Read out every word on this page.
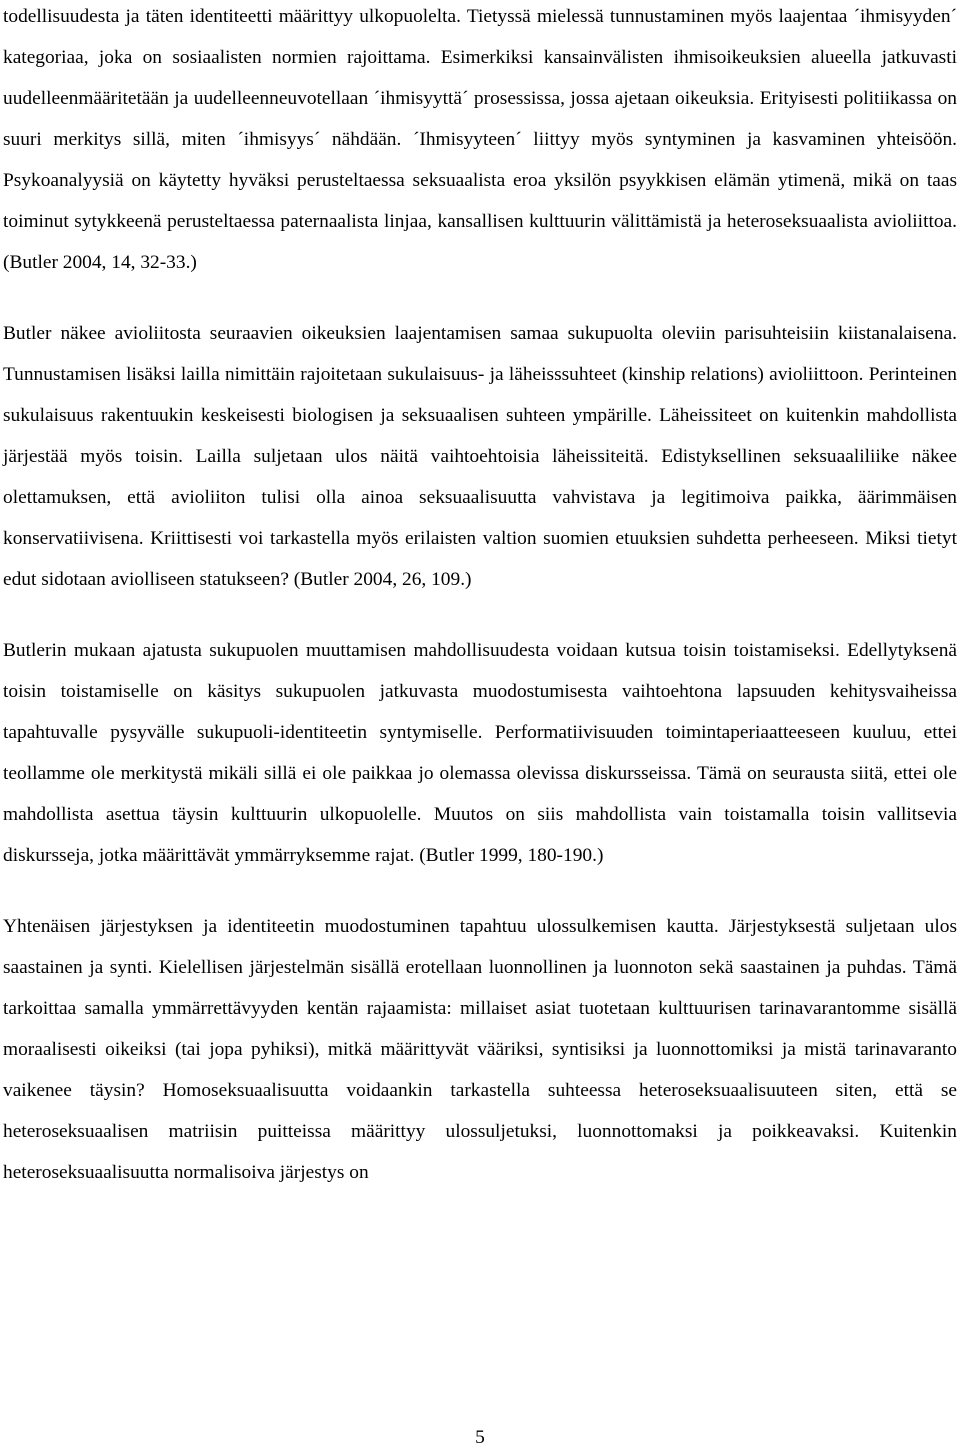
todellisuudesta ja täten identiteetti määrittyy ulkopuolelta. Tietyssä mielessä tunnustaminen myös laajentaa ´ihmisyyden´ kategoriaa, joka on sosiaalisten normien rajoittama. Esimerkiksi kansainvälisten ihmisoikeuksien alueella jatkuvasti uudelleenmääritetään ja uudelleenneuvotellaan ´ihmisyyttä´ prosessissa, jossa ajetaan oikeuksia. Erityisesti politiikassa on suuri merkitys sillä, miten ´ihmisyys´ nähdään. ´Ihmisyyteen´ liittyy myös syntyminen ja kasvaminen yhteisöön. Psykoanalyysiä on käytetty hyväksi perusteltaessa seksuaalista eroa yksilön psyykkisen elämän ytimenä, mikä on taas toiminut sytykkeenä perusteltaessa paternaalista linjaa, kansallisen kulttuurin välittämistä ja heteroseksuaalista avioliittoa. (Butler 2004, 14, 32-33.)

Butler näkee avioliitosta seuraavien oikeuksien laajentamisen samaa sukupuolta oleviin parisuhteisiin kiistanalaisena. Tunnustamisen lisäksi lailla nimittäin rajoitetaan sukulaisuus- ja läheisssuhteet (kinship relations) avioliittoon. Perinteinen sukulaisuus rakentuukin keskeisesti biologisen ja seksuaalisen suhteen ympärille. Läheissiteet on kuitenkin mahdollista järjestää myös toisin. Lailla suljetaan ulos näitä vaihtoehtoisia läheissiteitä. Edistyksellinen seksuaaliliike näkee olettamuksen, että avioliiton tulisi olla ainoa seksuaalisuutta vahvistava ja legitimoiva paikka, äärimmäisen konservatiivisena. Kriittisesti voi tarkastella myös erilaisten valtion suomien etuuksien suhdetta perheeseen. Miksi tietyt edut sidotaan aviolliseen statukseen? (Butler 2004, 26, 109.)

Butlerin mukaan ajatusta sukupuolen muuttamisen mahdollisuudesta voidaan kutsua toisin toistamiseksi. Edellytyksenä toisin toistamiselle on käsitys sukupuolen jatkuvasta muodostumisesta vaihtoehtona lapsuuden kehitysvaiheissa tapahtuvalle pysyvälle sukupuoli-identiteetin syntymiselle. Performatiivisuuden toimintaperiaatteeseen kuuluu, ettei teollamme ole merkitystä mikäli sillä ei ole paikkaa jo olemassa olevissa diskursseissa. Tämä on seurausta siitä, ettei ole mahdollista asettua täysin kulttuurin ulkopuolelle. Muutos on siis mahdollista vain toistamalla toisin vallitsevia diskursseja, jotka määrittävät ymmärryksemme rajat. (Butler 1999, 180-190.)

Yhtenäisen järjestyksen ja identiteetin muodostuminen tapahtuu ulossulkemisen kautta. Järjestyksestä suljetaan ulos saastainen ja synti. Kielellisen järjestelmän sisällä erotellaan luonnollinen ja luonnoton sekä saastainen ja puhdas. Tämä tarkoittaa samalla ymmärrettävyyden kentän rajaamista: millaiset asiat tuotetaan kulttuurisen tarinavarantomme sisällä moraalisesti oikeiksi (tai jopa pyhiksi), mitkä määrittyvät vääriksi, syntisiksi ja luonnottomiksi ja mistä tarinavaranto vaikenee täysin? Homoseksuaalisuutta voidaankin tarkastella suhteessa heteroseksuaalisuuteen siten, että se heteroseksuaalisen matriisin puitteissa määrittyy ulossuljetuksi, luonnottomaksi ja poikkeavaksi. Kuitenkin heteroseksuaalisuutta normalisoiva järjestys on

5
